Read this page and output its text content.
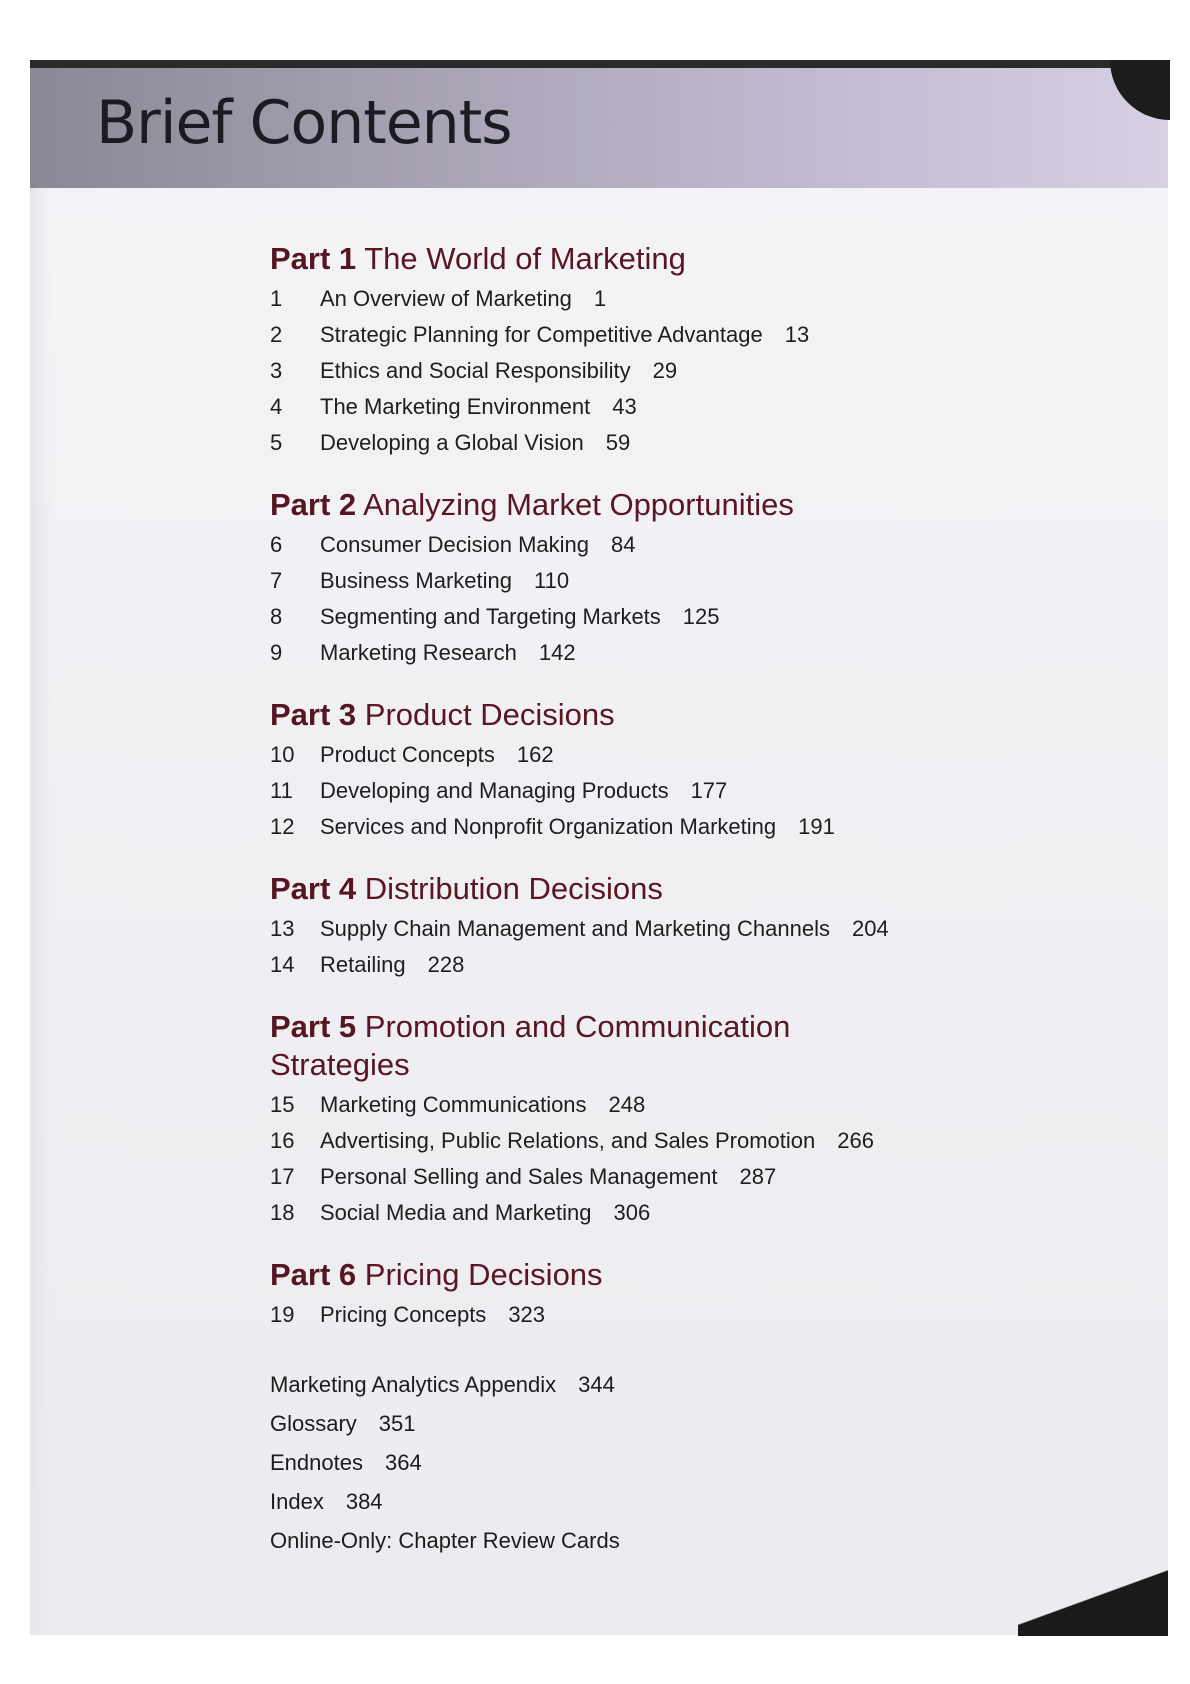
Brief Contents
Part 1 The World of Marketing
1	An Overview of Marketing 1
2	Strategic Planning for Competitive Advantage 13
3	Ethics and Social Responsibility 29
4	The Marketing Environment 43
5	Developing a Global Vision 59
Part 2 Analyzing Market Opportunities
6	Consumer Decision Making 84
7	Business Marketing 110
8	Segmenting and Targeting Markets 125
9	Marketing Research 142
Part 3 Product Decisions
10	Product Concepts 162
11	Developing and Managing Products 177
12	Services and Nonprofit Organization Marketing 191
Part 4 Distribution Decisions
13	Supply Chain Management and Marketing Channels 204
14	Retailing 228
Part 5 Promotion and Communication Strategies
15	Marketing Communications 248
16	Advertising, Public Relations, and Sales Promotion 266
17	Personal Selling and Sales Management 287
18	Social Media and Marketing 306
Part 6 Pricing Decisions
19	Pricing Concepts 323
Marketing Analytics Appendix 344
Glossary 351
Endnotes 364
Index 384
Online-Only: Chapter Review Cards
